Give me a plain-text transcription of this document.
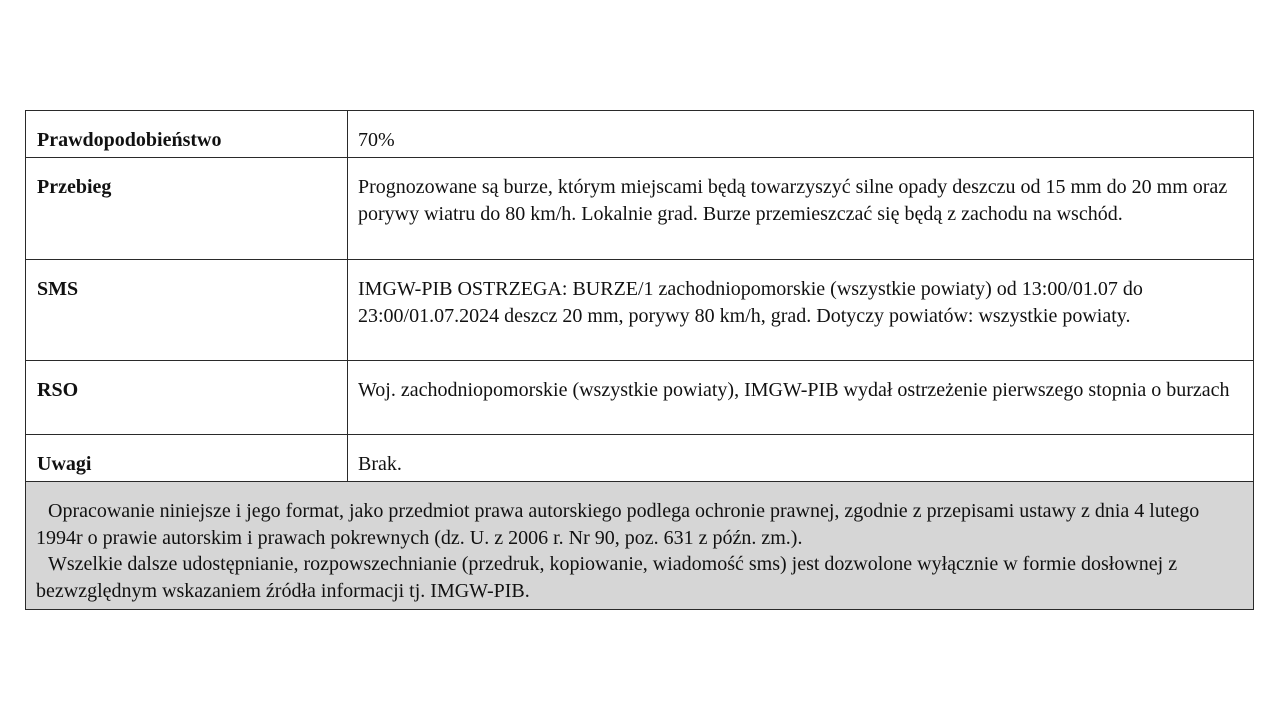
Prawdopodobieństwo	70%
Przebieg	Prognozowane są burze, którym miejscami będą towarzyszyć silne opady deszczu od 15 mm do 20 mm oraz porywy wiatru do 80 km/h. Lokalnie grad. Burze przemieszczać się będą z zachodu na wschód.
SMS	IMGW-PIB OSTRZEGA: BURZE/1 zachodniopomorskie (wszystkie powiaty) od 13:00/01.07 do 23:00/01.07.2024 deszcz 20 mm, porywy 80 km/h, grad. Dotyczy powiatów: wszystkie powiaty.
RSO	Woj. zachodniopomorskie (wszystkie powiaty), IMGW-PIB wydał ostrzeżenie pierwszego stopnia o burzach
Uwagi	Brak.

Opracowanie niniejsze i jego format, jako przedmiot prawa autorskiego podlega ochronie prawnej, zgodnie z przepisami ustawy z dnia 4 lutego 1994r o prawie autorskim i prawach pokrewnych (dz. U. z 2006 r. Nr 90, poz. 631 z późn. zm.).

Wszelkie dalsze udostępnianie, rozpowszechnianie (przedruk, kopiowanie, wiadomość sms) jest dozwolone wyłącznie w formie dosłownej z bezwzględnym wskazaniem źródła informacji tj. IMGW-PIB.
